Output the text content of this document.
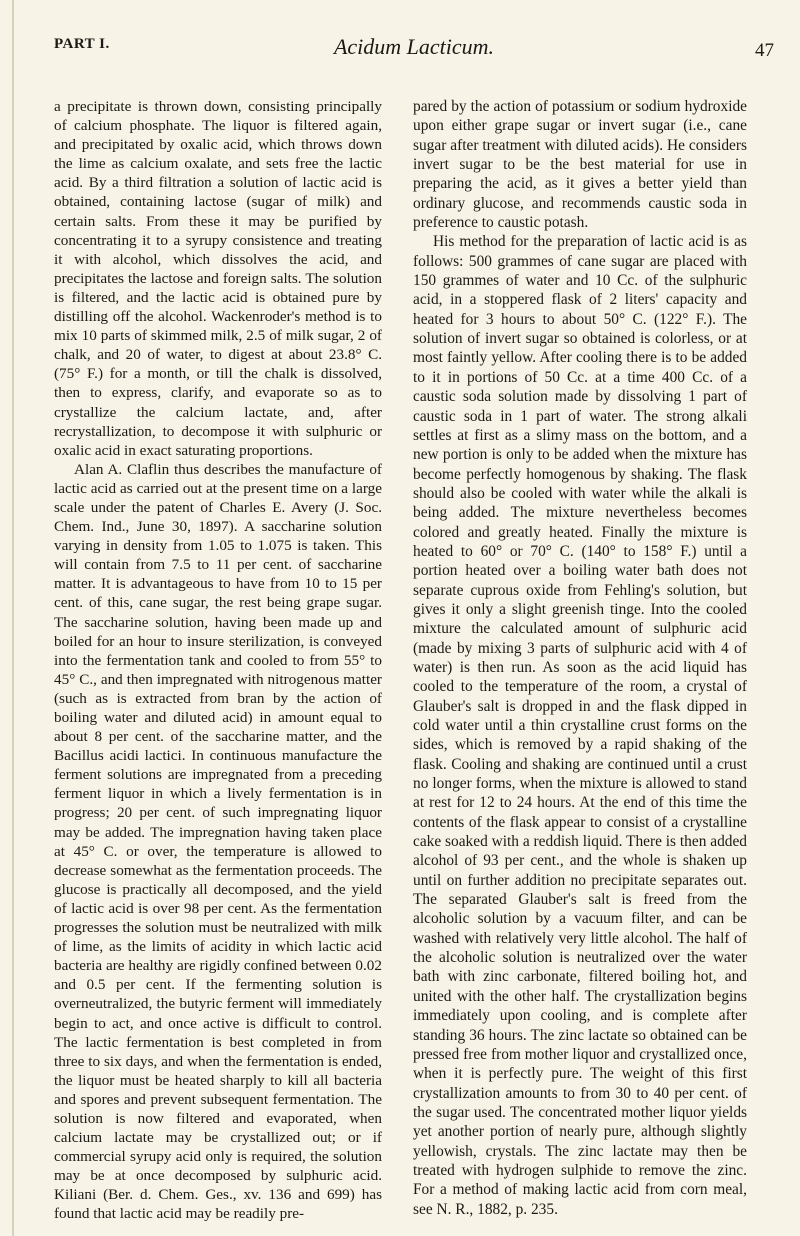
PART I.	Acidum Lacticum.	47

a precipitate is thrown down, consisting principally of calcium phosphate. The liquor is filtered again, and precipitated by oxalic acid, which throws down the lime as calcium oxalate, and sets free the lactic acid. By a third filtration a solution of lactic acid is obtained, containing lactose (sugar of milk) and certain salts. From these it may be purified by concentrating it to a syrupy consistence and treating it with alcohol, which dissolves the acid, and precipitates the lactose and foreign salts. The solution is filtered, and the lactic acid is obtained pure by distilling off the alcohol. Wackenroder's method is to mix 10 parts of skimmed milk, 2.5 of milk sugar, 2 of chalk, and 20 of water, to digest at about 23.8° C. (75° F.) for a month, or till the chalk is dissolved, then to express, clarify, and evaporate so as to crystallize the calcium lactate, and, after recrystallization, to decompose it with sulphuric or oxalic acid in exact saturating proportions.

Alan A. Claflin thus describes the manufacture of lactic acid as carried out at the present time on a large scale under the patent of Charles E. Avery (J. Soc. Chem. Ind., June 30, 1897). A saccharine solution varying in density from 1.05 to 1.075 is taken. This will contain from 7.5 to 11 per cent. of saccharine matter. It is advantageous to have from 10 to 15 per cent. of this, cane sugar, the rest being grape sugar. The saccharine solution, having been made up and boiled for an hour to insure sterilization, is conveyed into the fermentation tank and cooled to from 55° to 45° C., and then impregnated with nitrogenous matter (such as is extracted from bran by the action of boiling water and diluted acid) in amount equal to about 8 per cent. of the saccharine matter, and the Bacillus acidi lactici. In continuous manufacture the ferment solutions are impregnated from a preceding ferment liquor in which a lively fermentation is in progress; 20 per cent. of such impregnating liquor may be added. The impregnation having taken place at 45° C. or over, the temperature is allowed to decrease somewhat as the fermentation proceeds. The glucose is practically all decomposed, and the yield of lactic acid is over 98 per cent. As the fermentation progresses the solution must be neutralized with milk of lime, as the limits of acidity in which lactic acid bacteria are healthy are rigidly confined between 0.02 and 0.5 per cent. If the fermenting solution is overneutralized, the butyric ferment will immediately begin to act, and once active is difficult to control. The lactic fermentation is best completed in from three to six days, and when the fermentation is ended, the liquor must be heated sharply to kill all bacteria and spores and prevent subsequent fermentation. The solution is now filtered and evaporated, when calcium lactate may be crystallized out; or if commercial syrupy acid only is required, the solution may be at once decomposed by sulphuric acid. Kiliani (Ber. d. Chem. Ges., xv. 136 and 699) has found that lactic acid may be readily pre-

pared by the action of potassium or sodium hydroxide upon either grape sugar or invert sugar (i.e., cane sugar after treatment with diluted acids). He considers invert sugar to be the best material for use in preparing the acid, as it gives a better yield than ordinary glucose, and recommends caustic soda in preference to caustic potash.

His method for the preparation of lactic acid is as follows: 500 grammes of cane sugar are placed with 150 grammes of water and 10 Cc. of the sulphuric acid, in a stoppered flask of 2 liters' capacity and heated for 3 hours to about 50° C. (122° F.). The solution of invert sugar so obtained is colorless, or at most faintly yellow. After cooling there is to be added to it in portions of 50 Cc. at a time 400 Cc. of a caustic soda solution made by dissolving 1 part of caustic soda in 1 part of water. The strong alkali settles at first as a slimy mass on the bottom, and a new portion is only to be added when the mixture has become perfectly homogenous by shaking. The flask should also be cooled with water while the alkali is being added. The mixture nevertheless becomes colored and greatly heated. Finally the mixture is heated to 60° or 70° C. (140° to 158° F.) until a portion heated over a boiling water bath does not separate cuprous oxide from Fehling's solution, but gives it only a slight greenish tinge. Into the cooled mixture the calculated amount of sulphuric acid (made by mixing 3 parts of sulphuric acid with 4 of water) is then run. As soon as the acid liquid has cooled to the temperature of the room, a crystal of Glauber's salt is dropped in and the flask dipped in cold water until a thin crystalline crust forms on the sides, which is removed by a rapid shaking of the flask. Cooling and shaking are continued until a crust no longer forms, when the mixture is allowed to stand at rest for 12 to 24 hours. At the end of this time the contents of the flask appear to consist of a crystalline cake soaked with a reddish liquid. There is then added alcohol of 93 per cent., and the whole is shaken up until on further addition no precipitate separates out. The separated Glauber's salt is freed from the alcoholic solution by a vacuum filter, and can be washed with relatively very little alcohol. The half of the alcoholic solution is neutralized over the water bath with zinc carbonate, filtered boiling hot, and united with the other half. The crystallization begins immediately upon cooling, and is complete after standing 36 hours. The zinc lactate so obtained can be pressed free from mother liquor and crystallized once, when it is perfectly pure. The weight of this first crystallization amounts to from 30 to 40 per cent. of the sugar used. The concentrated mother liquor yields yet another portion of nearly pure, although slightly yellowish, crystals. The zinc lactate may then be treated with hydrogen sulphide to remove the zinc. For a method of making lactic acid from corn meal, see N. R., 1882, p. 235.
